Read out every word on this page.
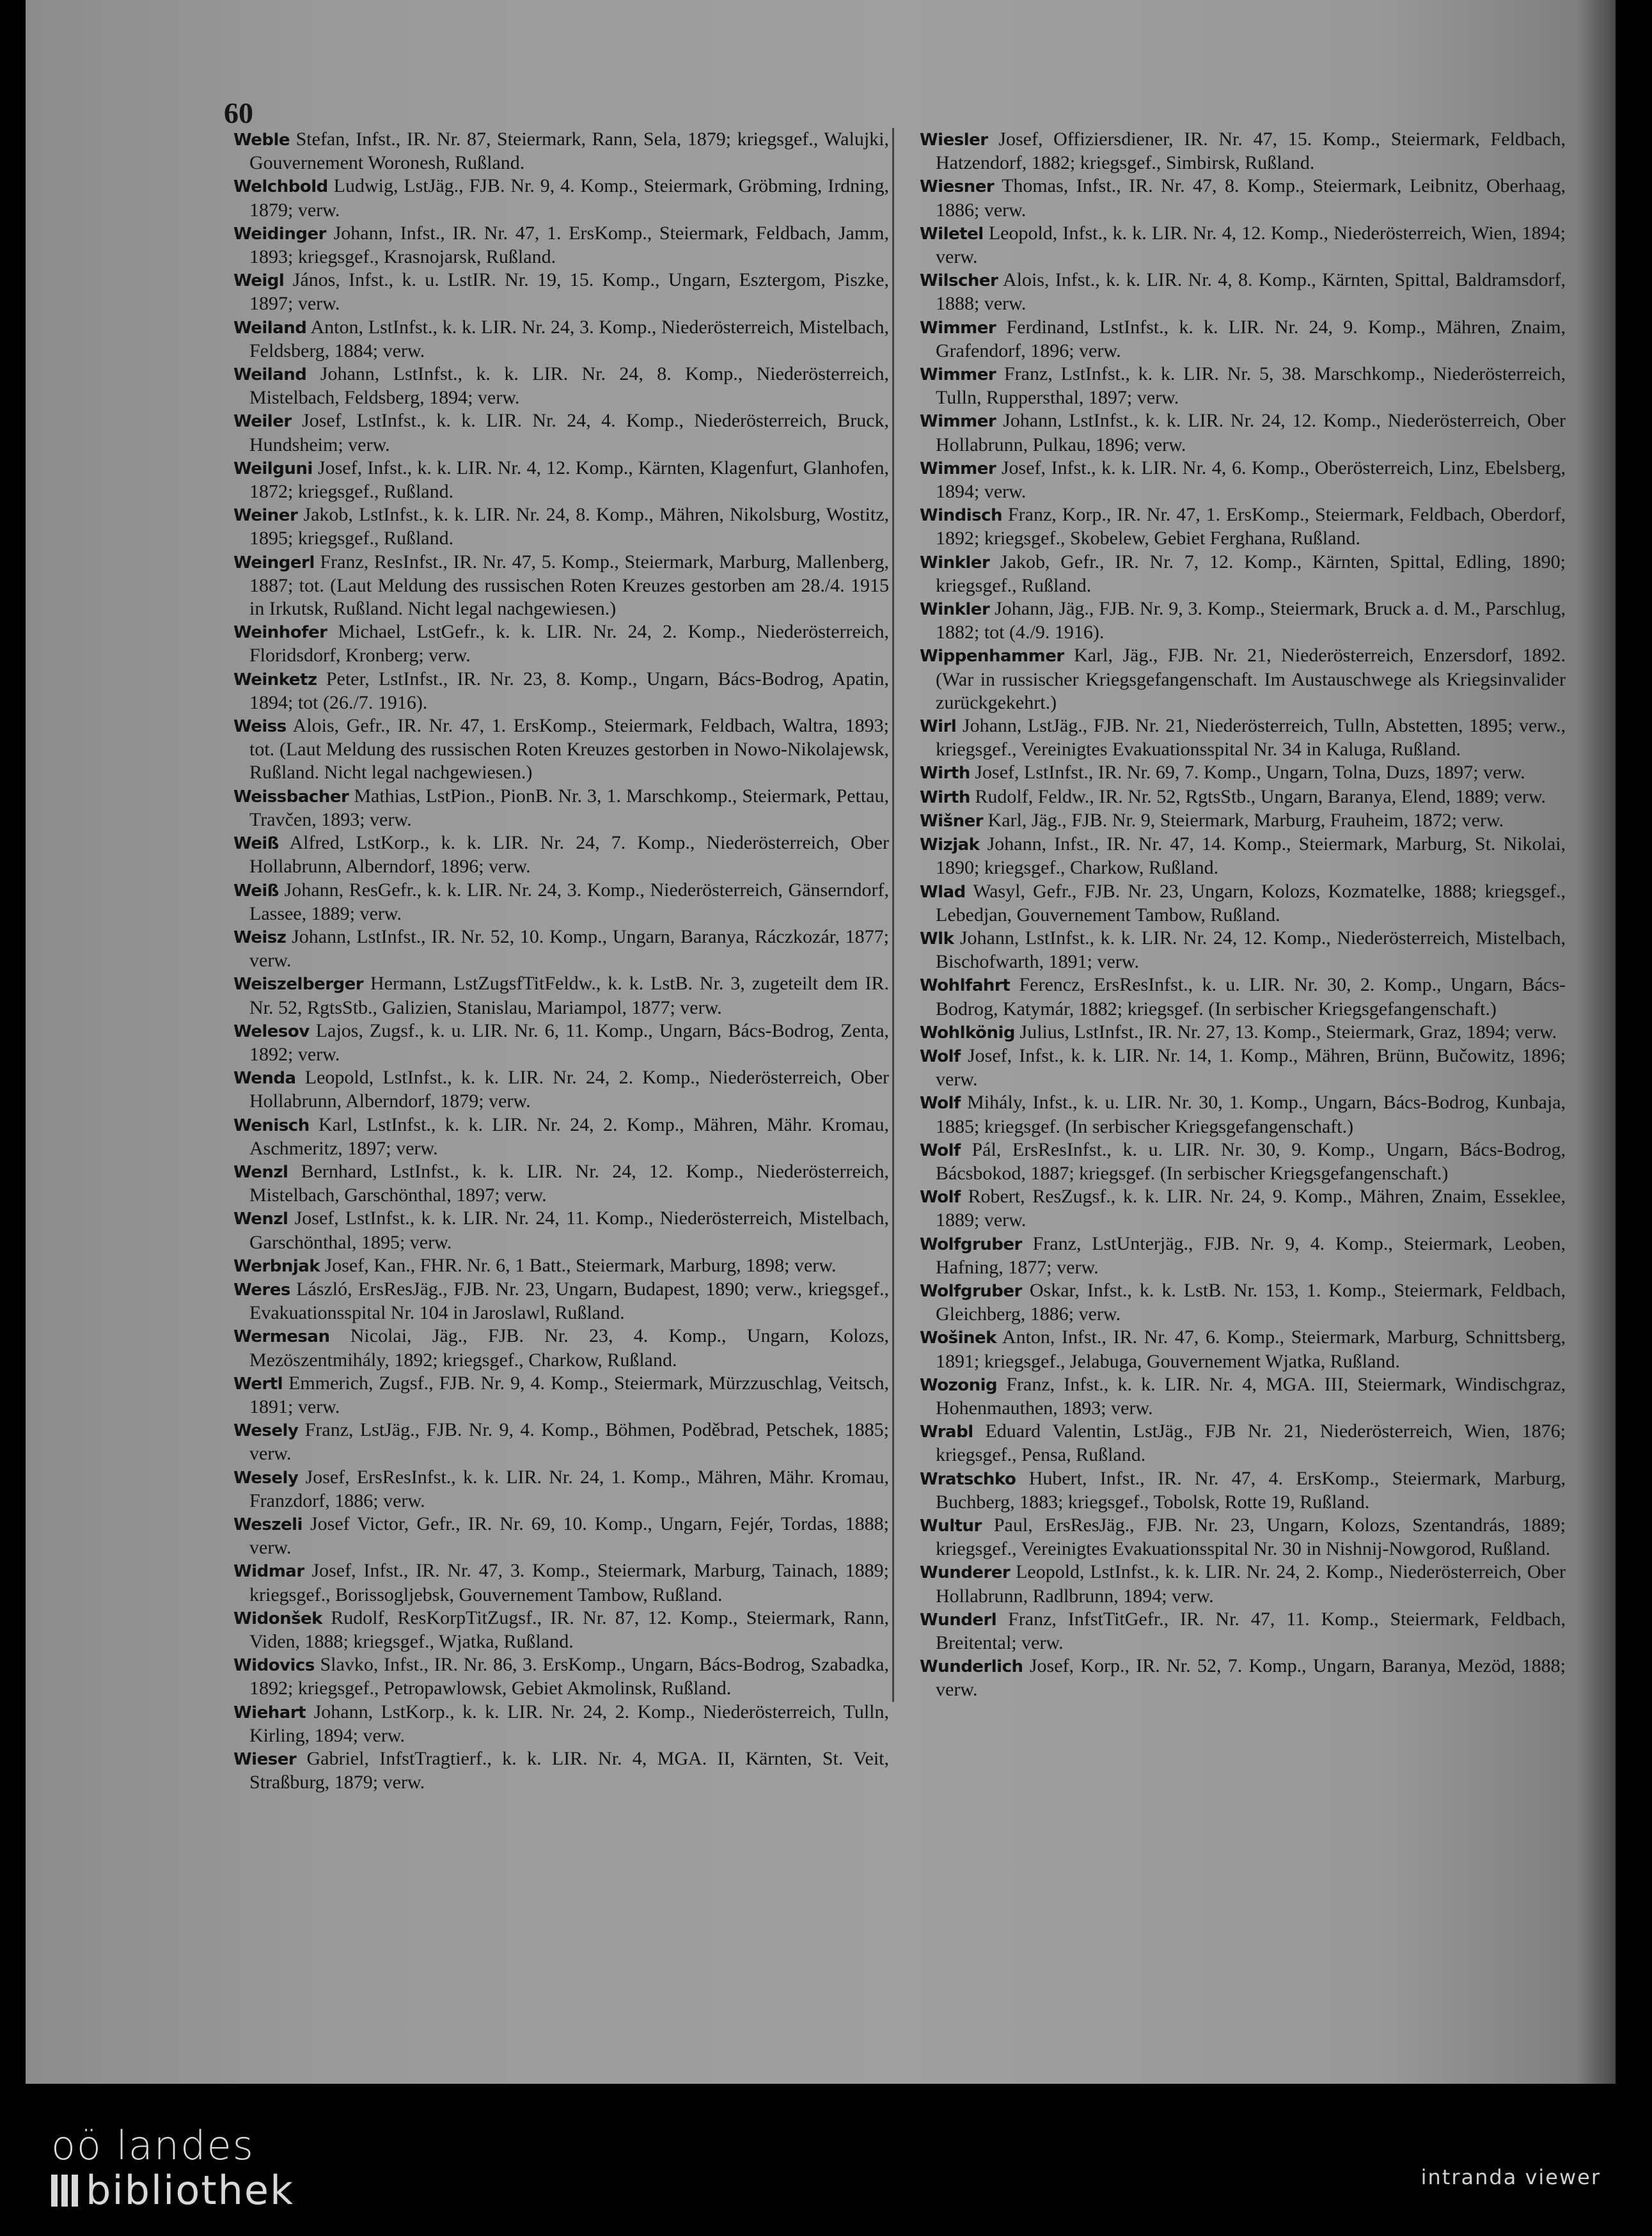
60

Weble Stefan, Infst., IR. Nr. 87, Steiermark, Rann, Sela, 1879; kriegsgef., Walujki, Gouvernement Woronesh, Rußland.

Welchbold Ludwig, LstJäg., FJB. Nr. 9, 4. Komp., Steiermark, Gröbming, Irdning, 1879; verw.

Weidinger Johann, Infst., IR. Nr. 47, 1. ErsKomp., Steiermark, Feldbach, Jamm, 1893; kriegsgef., Krasnojarsk, Rußland.

Weigl János, Infst., k. u. LstIR. Nr. 19, 15. Komp., Ungarn, Esztergom, Piszke, 1897; verw.

Weiland Anton, LstInfst., k. k. LIR. Nr. 24, 3. Komp., Niederösterreich, Mistelbach, Feldsberg, 1884; verw.

Weiland Johann, LstInfst., k. k. LIR. Nr. 24, 8. Komp., Niederösterreich, Mistelbach, Feldsberg, 1894; verw.

Weiler Josef, LstInfst., k. k. LIR. Nr. 24, 4. Komp., Niederösterreich, Bruck, Hundsheim; verw.

Weilguni Josef, Infst., k. k. LIR. Nr. 4, 12. Komp., Kärnten, Klagenfurt, Glanhofen, 1872; kriegsgef., Rußland.

Weiner Jakob, LstInfst., k. k. LIR. Nr. 24, 8. Komp., Mähren, Nikolsburg, Wostitz, 1895; kriegsgef., Rußland.

Weingerl Franz, ResInfst., IR. Nr. 47, 5. Komp., Steiermark, Marburg, Mallenberg, 1887; tot. (Laut Meldung des russischen Roten Kreuzes gestorben am 28./4. 1915 in Irkutsk, Rußland. Nicht legal nachgewiesen.)

Weinhofer Michael, LstGefr., k. k. LIR. Nr. 24, 2. Komp., Niederösterreich, Floridsdorf, Kronberg; verw.

Weinketz Peter, LstInfst., IR. Nr. 23, 8. Komp., Ungarn, Bács-Bodrog, Apatin, 1894; tot (26./7. 1916).

Weiss Alois, Gefr., IR. Nr. 47, 1. ErsKomp., Steiermark, Feldbach, Waltra, 1893; tot. (Laut Meldung des russischen Roten Kreuzes gestorben in Nowo-Nikolajewsk, Rußland. Nicht legal nachgewiesen.)

Weissbacher Mathias, LstPion., PionB. Nr. 3, 1. Marschkomp., Steiermark, Pettau, Travčen, 1893; verw.

Weiß Alfred, LstKorp., k. k. LIR. Nr. 24, 7. Komp., Niederösterreich, Ober Hollabrunn, Alberndorf, 1896; verw.

Weiß Johann, ResGefr., k. k. LIR. Nr. 24, 3. Komp., Niederösterreich, Gänserndorf, Lassee, 1889; verw.

Weisz Johann, LstInfst., IR. Nr. 52, 10. Komp., Ungarn, Baranya, Ráczkozár, 1877; verw.

Weiszelberger Hermann, LstZugsfTitFeldw., k. k. LstB. Nr. 3, zugeteilt dem IR. Nr. 52, RgtsStb., Galizien, Stanislau, Mariampol, 1877; verw.

Welesov Lajos, Zugsf., k. u. LIR. Nr. 6, 11. Komp., Ungarn, Bács-Bodrog, Zenta, 1892; verw.

Wenda Leopold, LstInfst., k. k. LIR. Nr. 24, 2. Komp., Niederösterreich, Ober Hollabrunn, Alberndorf, 1879; verw.

Wenisch Karl, LstInfst., k. k. LIR. Nr. 24, 2. Komp., Mähren, Mähr. Kromau, Aschmeritz, 1897; verw.

Wenzl Bernhard, LstInfst., k. k. LIR. Nr. 24, 12. Komp., Niederösterreich, Mistelbach, Garschönthal, 1897; verw.

Wenzl Josef, LstInfst., k. k. LIR. Nr. 24, 11. Komp., Niederösterreich, Mistelbach, Garschönthal, 1895; verw.

Werbnjak Josef, Kan., FHR. Nr. 6, 1 Batt., Steiermark, Marburg, 1898; verw.

Weres László, ErsResJäg., FJB. Nr. 23, Ungarn, Budapest, 1890; verw., kriegsgef., Evakuationsspital Nr. 104 in Jaroslawl, Rußland.

Wermesan Nicolai, Jäg., FJB. Nr. 23, 4. Komp., Ungarn, Kolozs, Mezöszentmihály, 1892; kriegsgef., Charkow, Rußland.

Wertl Emmerich, Zugsf., FJB. Nr. 9, 4. Komp., Steiermark, Mürzzuschlag, Veitsch, 1891; verw.

Wesely Franz, LstJäg., FJB. Nr. 9, 4. Komp., Böhmen, Poděbrad, Petschek, 1885; verw.

Wesely Josef, ErsResInfst., k. k. LIR. Nr. 24, 1. Komp., Mähren, Mähr. Kromau, Franzdorf, 1886; verw.

Weszeli Josef Victor, Gefr., IR. Nr. 69, 10. Komp., Ungarn, Fejér, Tordas, 1888; verw.

Widmar Josef, Infst., IR. Nr. 47, 3. Komp., Steiermark, Marburg, Tainach, 1889; kriegsgef., Borissogljebsk, Gouvernement Tambow, Rußland.

Widonšek Rudolf, ResKorpTitZugsf., IR. Nr. 87, 12. Komp., Steiermark, Rann, Viden, 1888; kriegsgef., Wjatka, Rußland.

Widovics Slavko, Infst., IR. Nr. 86, 3. ErsKomp., Ungarn, Bács-Bodrog, Szabadka, 1892; kriegsgef., Petropawlowsk, Gebiet Akmolinsk, Rußland.

Wiehart Johann, LstKorp., k. k. LIR. Nr. 24, 2. Komp., Niederösterreich, Tulln, Kirling, 1894; verw.

Wieser Gabriel, InfstTragtierf., k. k. LIR. Nr. 4, MGA. II, Kärnten, St. Veit, Straßburg, 1879; verw.

Wiesler Josef, Offiziersdiener, IR. Nr. 47, 15. Komp., Steiermark, Feldbach, Hatzendorf, 1882; kriegsgef., Simbirsk, Rußland.

Wiesner Thomas, Infst., IR. Nr. 47, 8. Komp., Steiermark, Leibnitz, Oberhaag, 1886; verw.

Wiletel Leopold, Infst., k. k. LIR. Nr. 4, 12. Komp., Niederösterreich, Wien, 1894; verw.

Wilscher Alois, Infst., k. k. LIR. Nr. 4, 8. Komp., Kärnten, Spittal, Baldramsdorf, 1888; verw.

Wimmer Ferdinand, LstInfst., k. k. LIR. Nr. 24, 9. Komp., Mähren, Znaim, Grafendorf, 1896; verw.

Wimmer Franz, LstInfst., k. k. LIR. Nr. 5, 38. Marschkomp., Niederösterreich, Tulln, Ruppersthal, 1897; verw.

Wimmer Johann, LstInfst., k. k. LIR. Nr. 24, 12. Komp., Niederösterreich, Ober Hollabrunn, Pulkau, 1896; verw.

Wimmer Josef, Infst., k. k. LIR. Nr. 4, 6. Komp., Oberösterreich, Linz, Ebelsberg, 1894; verw.

Windisch Franz, Korp., IR. Nr. 47, 1. ErsKomp., Steiermark, Feldbach, Oberdorf, 1892; kriegsgef., Skobelew, Gebiet Ferghana, Rußland.

Winkler Jakob, Gefr., IR. Nr. 7, 12. Komp., Kärnten, Spittal, Edling, 1890; kriegsgef., Rußland.

Winkler Johann, Jäg., FJB. Nr. 9, 3. Komp., Steiermark, Bruck a. d. M., Parschlug, 1882; tot (4./9. 1916).

Wippenhammer Karl, Jäg., FJB. Nr. 21, Niederösterreich, Enzersdorf, 1892. (War in russischer Kriegsgefangenschaft. Im Austauschwege als Kriegsinvalider zurückgekehrt.)

Wirl Johann, LstJäg., FJB. Nr. 21, Niederösterreich, Tulln, Abstetten, 1895; verw., kriegsgef., Vereinigtes Evakuationsspital Nr. 34 in Kaluga, Rußland.

Wirth Josef, LstInfst., IR. Nr. 69, 7. Komp., Ungarn, Tolna, Duzs, 1897; verw.

Wirth Rudolf, Feldw., IR. Nr. 52, RgtsStb., Ungarn, Baranya, Elend, 1889; verw.

Wišner Karl, Jäg., FJB. Nr. 9, Steiermark, Marburg, Frauheim, 1872; verw.

Wizjak Johann, Infst., IR. Nr. 47, 14. Komp., Steiermark, Marburg, St. Nikolai, 1890; kriegsgef., Charkow, Rußland.

Wlad Wasyl, Gefr., FJB. Nr. 23, Ungarn, Kolozs, Kozmatelke, 1888; kriegsgef., Lebedjan, Gouvernement Tambow, Rußland.

Wlk Johann, LstInfst., k. k. LIR. Nr. 24, 12. Komp., Niederösterreich, Mistelbach, Bischofwarth, 1891; verw.

Wohlfahrt Ferencz, ErsResInfst., k. u. LIR. Nr. 30, 2. Komp., Ungarn, Bács-Bodrog, Katymár, 1882; kriegsgef. (In serbischer Kriegsgefangenschaft.)

Wohlkönig Julius, LstInfst., IR. Nr. 27, 13. Komp., Steiermark, Graz, 1894; verw.

Wolf Josef, Infst., k. k. LIR. Nr. 14, 1. Komp., Mähren, Brünn, Bučowitz, 1896; verw.

Wolf Mihály, Infst., k. u. LIR. Nr. 30, 1. Komp., Ungarn, Bács-Bodrog, Kunbaja, 1885; kriegsgef. (In serbischer Kriegsgefangenschaft.)

Wolf Pál, ErsResInfst., k. u. LIR. Nr. 30, 9. Komp., Ungarn, Bács-Bodrog, Bácsbokod, 1887; kriegsgef. (In serbischer Kriegsgefangenschaft.)

Wolf Robert, ResZugsf., k. k. LIR. Nr. 24, 9. Komp., Mähren, Znaim, Esseklee, 1889; verw.

Wolfgruber Franz, LstUnterjäg., FJB. Nr. 9, 4. Komp., Steiermark, Leoben, Hafning, 1877; verw.

Wolfgruber Oskar, Infst., k. k. LstB. Nr. 153, 1. Komp., Steiermark, Feldbach, Gleichberg, 1886; verw.

Wošinek Anton, Infst., IR. Nr. 47, 6. Komp., Steiermark, Marburg, Schnittsberg, 1891; kriegsgef., Jelabuga, Gouvernement Wjatka, Rußland.

Wozonig Franz, Infst., k. k. LIR. Nr. 4, MGA. III, Steiermark, Windischgraz, Hohenmauthen, 1893; verw.

Wrabl Eduard Valentin, LstJäg., FJB Nr. 21, Niederösterreich, Wien, 1876; kriegsgef., Pensa, Rußland.

Wratschko Hubert, Infst., IR. Nr. 47, 4. ErsKomp., Steiermark, Marburg, Buchberg, 1883; kriegsgef., Tobolsk, Rotte 19, Rußland.

Wultur Paul, ErsResJäg., FJB. Nr. 23, Ungarn, Kolozs, Szentandrás, 1889; kriegsgef., Vereinigtes Evakuationsspital Nr. 30 in Nishnij-Nowgorod, Rußland.

Wunderer Leopold, LstInfst., k. k. LIR. Nr. 24, 2. Komp., Niederösterreich, Ober Hollabrunn, Radlbrunn, 1894; verw.

Wunderl Franz, InfstTitGefr., IR. Nr. 47, 11. Komp., Steiermark, Feldbach, Breitental; verw.

Wunderlich Josef, Korp., IR. Nr. 52, 7. Komp., Ungarn, Baranya, Mezöd, 1888; verw.

oö landes
bibliothek	intranda viewer
